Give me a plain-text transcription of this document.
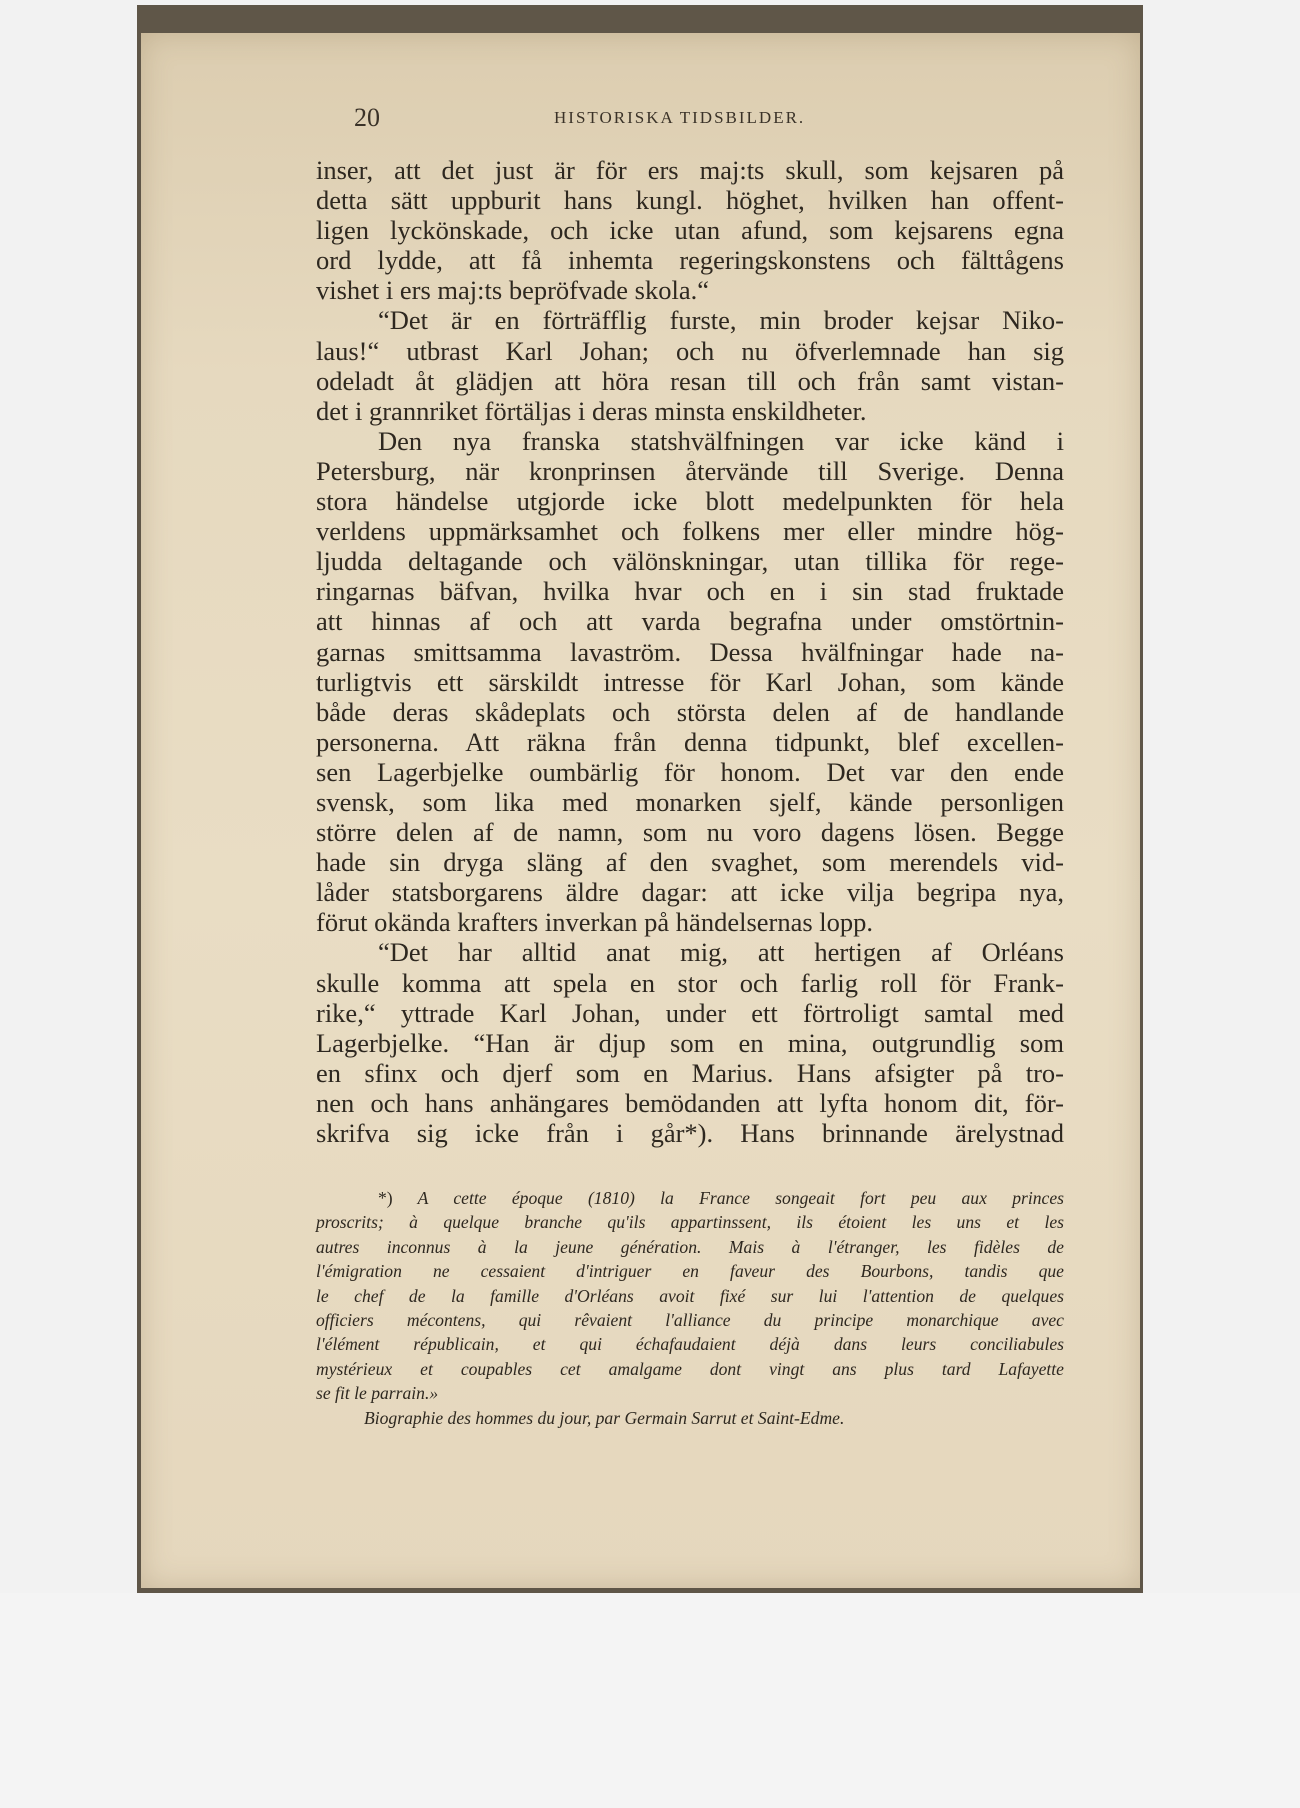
20	HISTORISKA TIDSBILDER.
inser, att det just är för ers maj:ts skull, som kejsaren på
detta sätt uppburit hans kungl. höghet, hvilken han offent-
ligen lyckönskade, och icke utan afund, som kejsarens egna
ord lydde, att få inhemta regeringskonstens och fälttågens
vishet i ers maj:ts bepröfvade skola.“
“Det är en förträfflig furste, min broder kejsar Niko-
laus!“ utbrast Karl Johan; och nu öfverlemnade han sig
odeladt åt glädjen att höra resan till och från samt vistan-
det i grannriket förtäljas i deras minsta enskildheter.
Den nya franska statshvälfningen var icke känd i
Petersburg, när kronprinsen återvände till Sverige. Denna
stora händelse utgjorde icke blott medelpunkten för hela
verldens uppmärksamhet och folkens mer eller mindre hög-
ljudda deltagande och välönskningar, utan tillika för rege-
ringarnas bäfvan, hvilka hvar och en i sin stad fruktade
att hinnas af och att varda begrafna under omstörtnin-
garnas smittsamma lavaström. Dessa hvälfningar hade na-
turligtvis ett särskildt intresse för Karl Johan, som kände
både deras skådeplats och största delen af de handlande
personerna. Att räkna från denna tidpunkt, blef excellen-
sen Lagerbjelke oumbärlig för honom. Det var den ende
svensk, som lika med monarken sjelf, kände personligen
större delen af de namn, som nu voro dagens lösen. Begge
hade sin dryga släng af den svaghet, som merendels vid-
låder statsborgarens äldre dagar: att icke vilja begripa nya,
förut okända krafters inverkan på händelsernas lopp.
“Det har alltid anat mig, att hertigen af Orléans
skulle komma att spela en stor och farlig roll för Frank-
rike,“ yttrade Karl Johan, under ett förtroligt samtal med
Lagerbjelke. “Han är djup som en mina, outgrundlig som
en sfinx och djerf som en Marius. Hans afsigter på tro-
nen och hans anhängares bemödanden att lyfta honom dit, för-
skrifva sig icke från i går*). Hans brinnande ärelystnad
*) A cette époque (1810) la France songeait fort peu aux princes
proscrits; à quelque branche qu'ils appartinssent, ils étoient les uns et les
autres inconnus à la jeune génération. Mais à l'étranger, les fidèles de
l'émigration ne cessaient d'intriguer en faveur des Bourbons, tandis que
le chef de la famille d'Orléans avoit fixé sur lui l'attention de quelques
officiers mécontens, qui rêvaient l'alliance du principe monarchique avec
l'élément républicain, et qui échafaudaient déjà dans leurs conciliabules
mystérieux et coupables cet amalgame dont vingt ans plus tard Lafayette
se fit le parrain.»
Biographie des hommes du jour, par Germain Sarrut et Saint-Edme.
